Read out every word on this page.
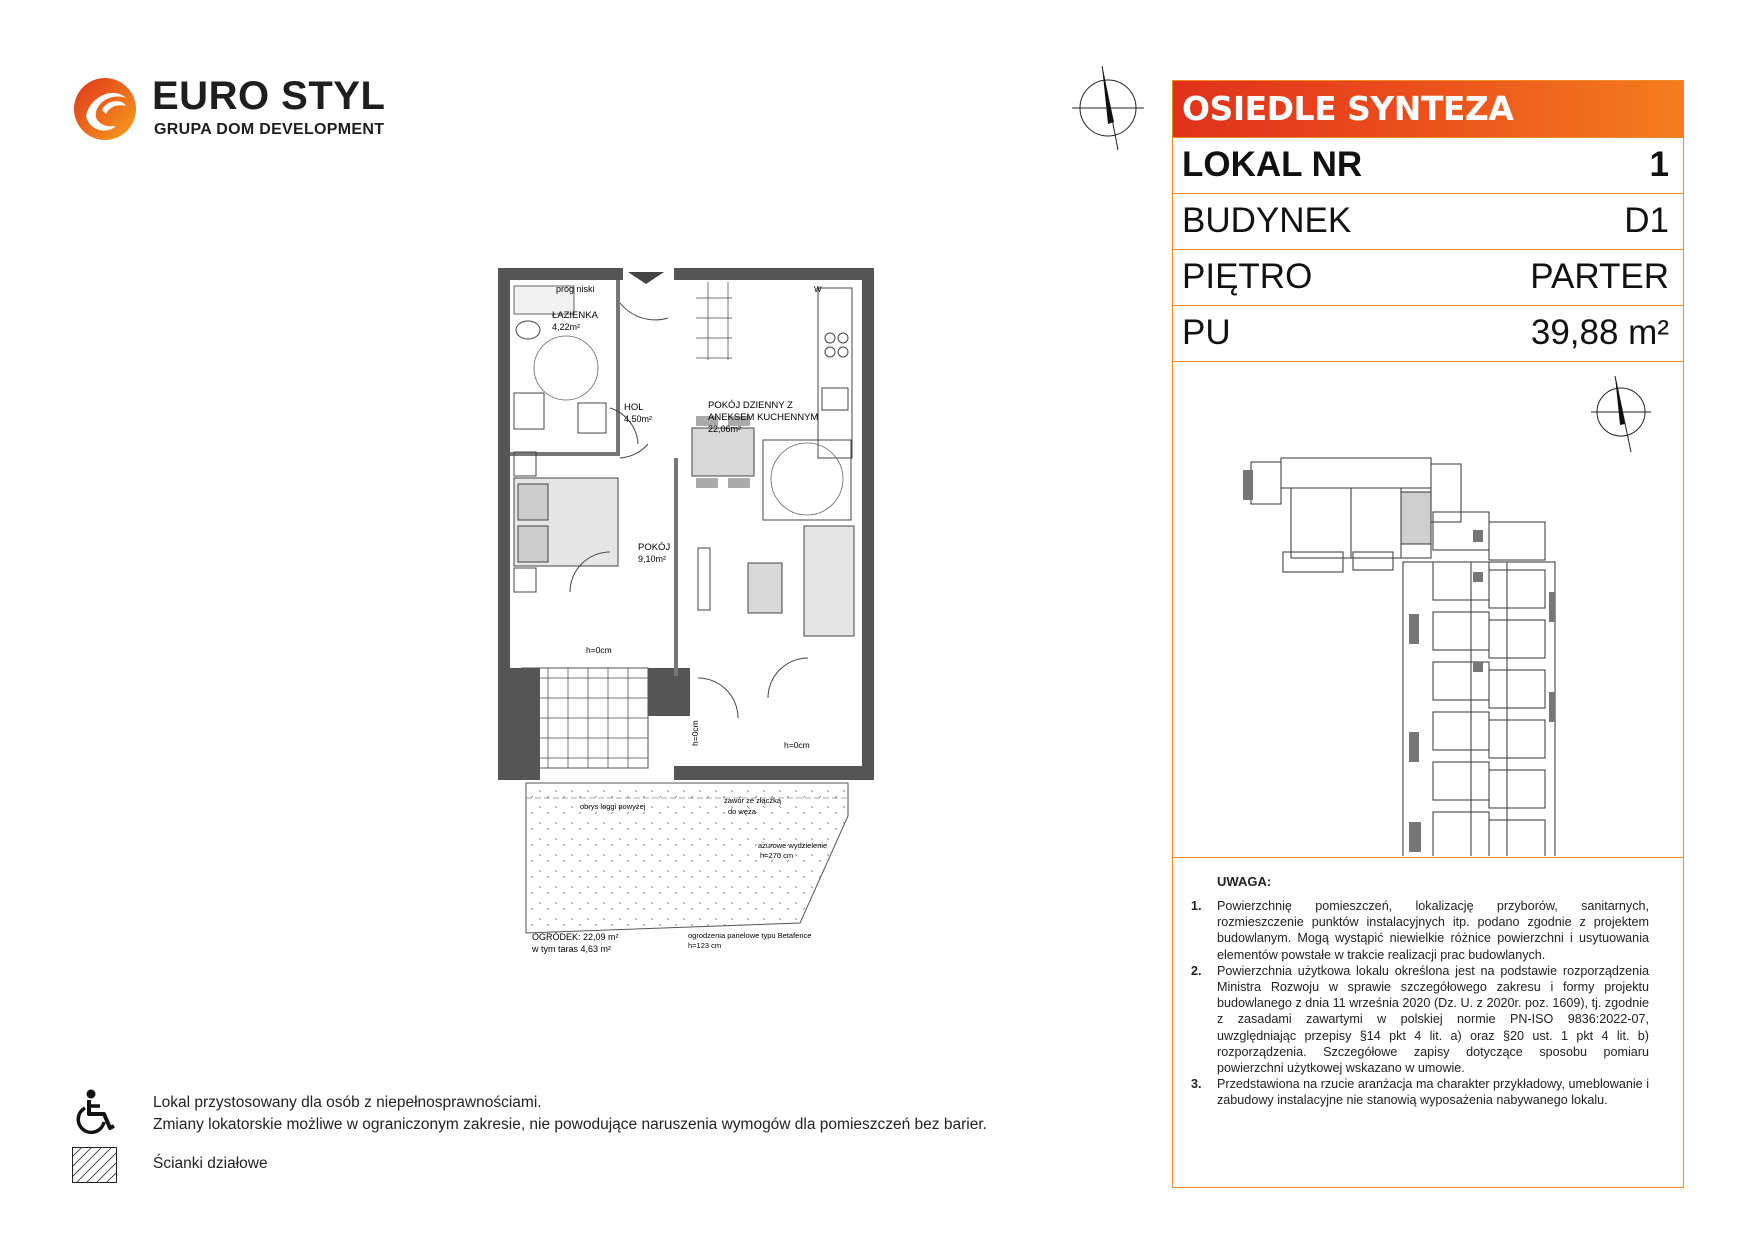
EURO STYL
GRUPA DOM DEVELOPMENT
próg niski
ŁAZIENKA
4,22m²
HOL
4,50m²
POKÓJ DZIENNY Z
ANEKSEM KUCHENNYM
22,06m²
POKÓJ
9,10m²
h=0cm
h=0cm	h=0cm
W
obrys loggi powyżej
zawór ze złączką
do węża
ażurowe wydzielenie
h=270 cm
OGRÓDEK: 22,09 m²
w tym taras 4,63 m²
ogrodzenia panelowe typu Betafence
h=123 cm
OSIEDLE SYNTEZA
LOKAL NR	1
BUDYNEK	D1
PIĘTRO	PARTER
PU	39,88 m²
UWAGA:
1. Powierzchnię pomieszczeń, lokalizację przyborów, sanitarnych, rozmieszczenie punktów instalacyjnych itp. podano zgodnie z projektem budowlanym. Mogą wystąpić niewielkie różnice powierzchni i usytuowania elementów powstałe w trakcie realizacji prac budowlanych.
2. Powierzchnia użytkowa lokalu określona jest na podstawie rozporządzenia Ministra Rozwoju w sprawie szczegółowego zakresu i formy projektu budowlanego z dnia 11 września 2020 (Dz. U. z 2020r. poz. 1609), tj. zgodnie z zasadami zawartymi w polskiej normie PN-ISO 9836:2022-07, uwzględniając przepisy §14 pkt 4 lit. a) oraz §20 ust. 1 pkt 4 lit. b) rozporządzenia. Szczegółowe zapisy dotyczące sposobu pomiaru powierzchni użytkowej wskazano w umowie.
3. Przedstawiona na rzucie aranżacja ma charakter przykładowy, umeblowanie i zabudowy instalacyjne nie stanowią wyposażenia nabywanego lokalu.
Lokal przystosowany dla osób z niepełnosprawnościami.
Zmiany lokatorskie możliwe w ograniczonym zakresie, nie powodujące naruszenia wymogów dla pomieszczeń bez barier.
Ścianki działowe
